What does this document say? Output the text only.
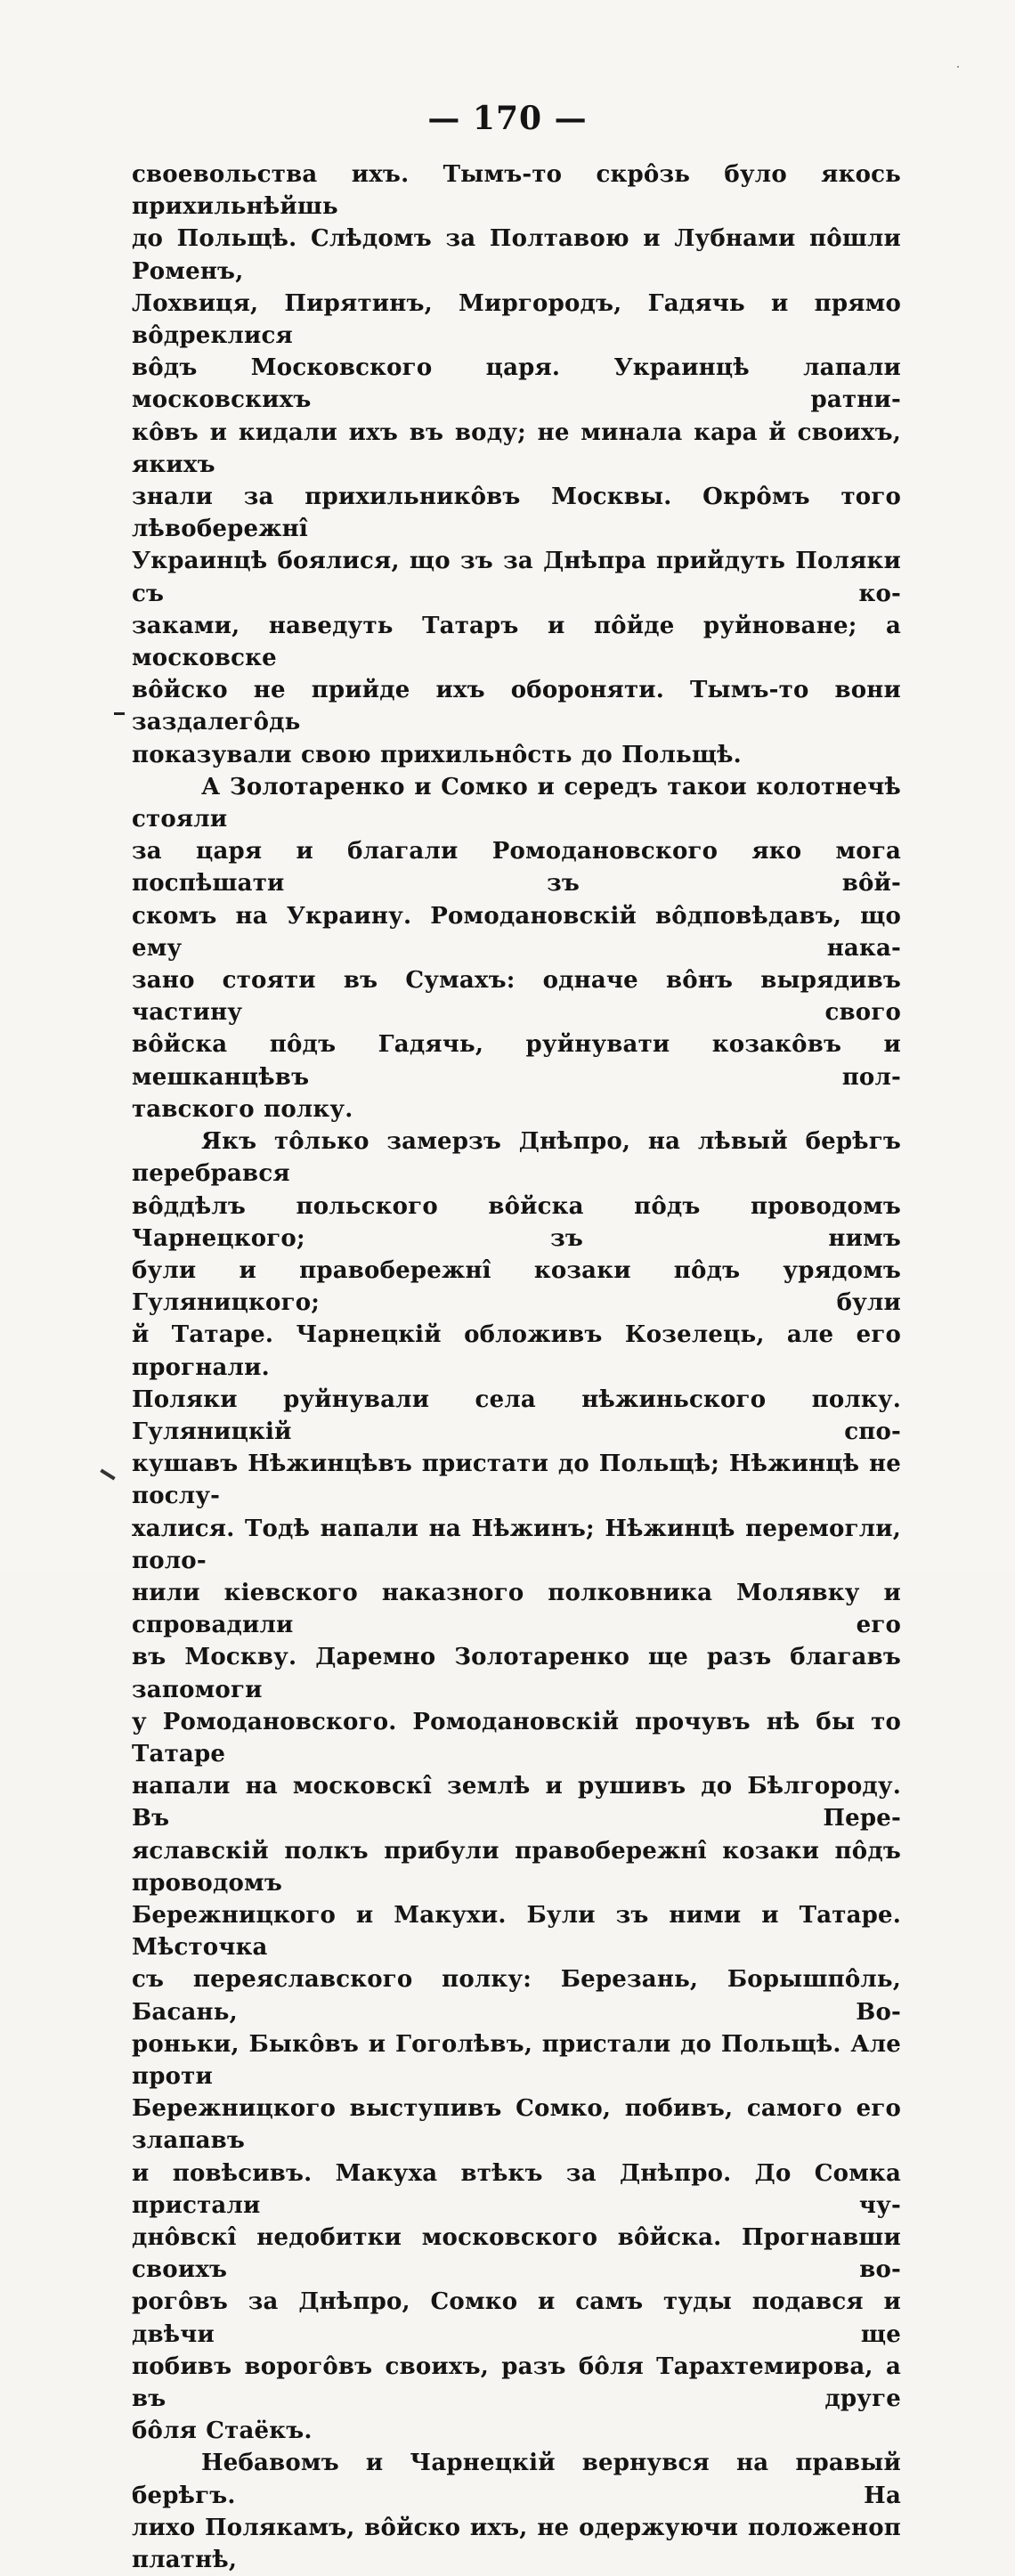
— 170 —
своевольства ихъ. Тымъ-то скрôзь було якось прихильнѣйшь
до Польщѣ. Слѣдомъ за Полтавою и Лубнами пôшли Роменъ,
Лохвиця, Пирятинъ, Миргородъ, Гадячь и прямо вôдреклися
вôдъ Московского царя. Украинцѣ лапали московскихъ ратни-
кôвъ и кидали ихъ въ воду; не минала кара й своихъ, якихъ
знали за прихильникôвъ Москвы. Окрôмъ того лѣвобережнî
Украинцѣ боялися, що зъ за Днѣпра прийдуть Поляки съ ко-
заками, наведуть Татаръ и пôйде руйноване; а московске
вôйско не прийде ихъ обороняти. Тымъ-то вони заздалегôдь
показували свою прихильнôсть до Польщѣ.
А Золотаренко и Сомко и середъ такои колотнечѣ стояли
за царя и благали Ромодановского яко мога поспѣшати зъ вôй-
скомъ на Украину. Ромодановскій вôдповѣдавъ, що ему нака-
зано стояти въ Сумахъ: одначе вôнъ вырядивъ частину свого
вôйска пôдъ Гадячь, руйнувати козакôвъ и мешканцѣвъ пол-
тавского полку.
Якъ тôлько замерзъ Днѣпро, на лѣвый берѣгъ перебрався
вôддѣлъ польского вôйска пôдъ проводомъ Чарнецкого; зъ нимъ
були и правобережнî козаки пôдъ урядомъ Гуляницкого; були
й Татаре. Чарнецкій обложивъ Козелець, але его прогнали.
Поляки руйнували села нѣжиньского полку. Гуляницкій спо-
кушавъ Нѣжинцѣвъ пристати до Польщѣ; Нѣжинцѣ не послу-
халися. Тодѣ напали на Нѣжинъ; Нѣжинцѣ перемогли, поло-
нили кіевского наказного полковника Молявку и спровадили его
въ Москву. Даремно Золотаренко ще разъ благавъ запомоги
у Ромодановского. Ромодановскій прочувъ нѣ бы то Татаре
напали на московскî землѣ и рушивъ до Бѣлгороду. Въ Пере-
яславскій полкъ прибули правобережнî козаки пôдъ проводомъ
Бережницкого и Макухи. Були зъ ними и Татаре. Мѣсточка
съ переяславского полку: Березань, Борышпôль, Басань, Во-
роньки, Быкôвъ и Гоголѣвъ, пристали до Польщѣ. Але проти
Бережницкого выступивъ Сомко, побивъ, самого его злапавъ
и повѣсивъ. Макуха втѣкъ за Днѣпро. До Сомка пристали чу-
днôвскî недобитки московского вôйска. Прогнавши своихъ во-
рогôвъ за Днѣпро, Сомко и самъ туды подався и двѣчи ще
побивъ ворогôвъ своихъ, разъ бôля Тарахтемирова, а въ друге
бôля Стаёкъ.
Небавомъ и Чарнецкій вернувся на правый берѣгъ. На
лихо Полякамъ, вôйско ихъ, не одержуючи положеноп платнѣ,
